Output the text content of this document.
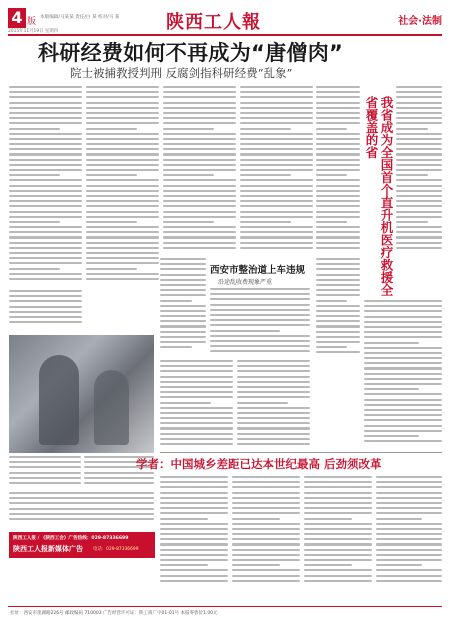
4 版 本版编辑/马某某 责任/白 某 校对/马 某	陕西工人報	社会·法制
2015年11月19日 星期四
科研经费如何不再成为“唐僧肉”
院士被捕教授判刑 反腐剑指科研经费“乱象”
西安市整治道上车违规
沿途乱收费现象严重	我省成为全国首个直升机医疗救援全省覆盖的省
学者：中国城乡差距已达本世纪最高 后劲须改革
陕西工人报 / 《陕西工会》广告热线：029-87336699
陕西工人报新媒体广告 电话：029-87336699
社址：西安市莲湖路226号 邮政编码 710003 广告经营许可证：陕工商广字01-01号 本报零售价1.00元
